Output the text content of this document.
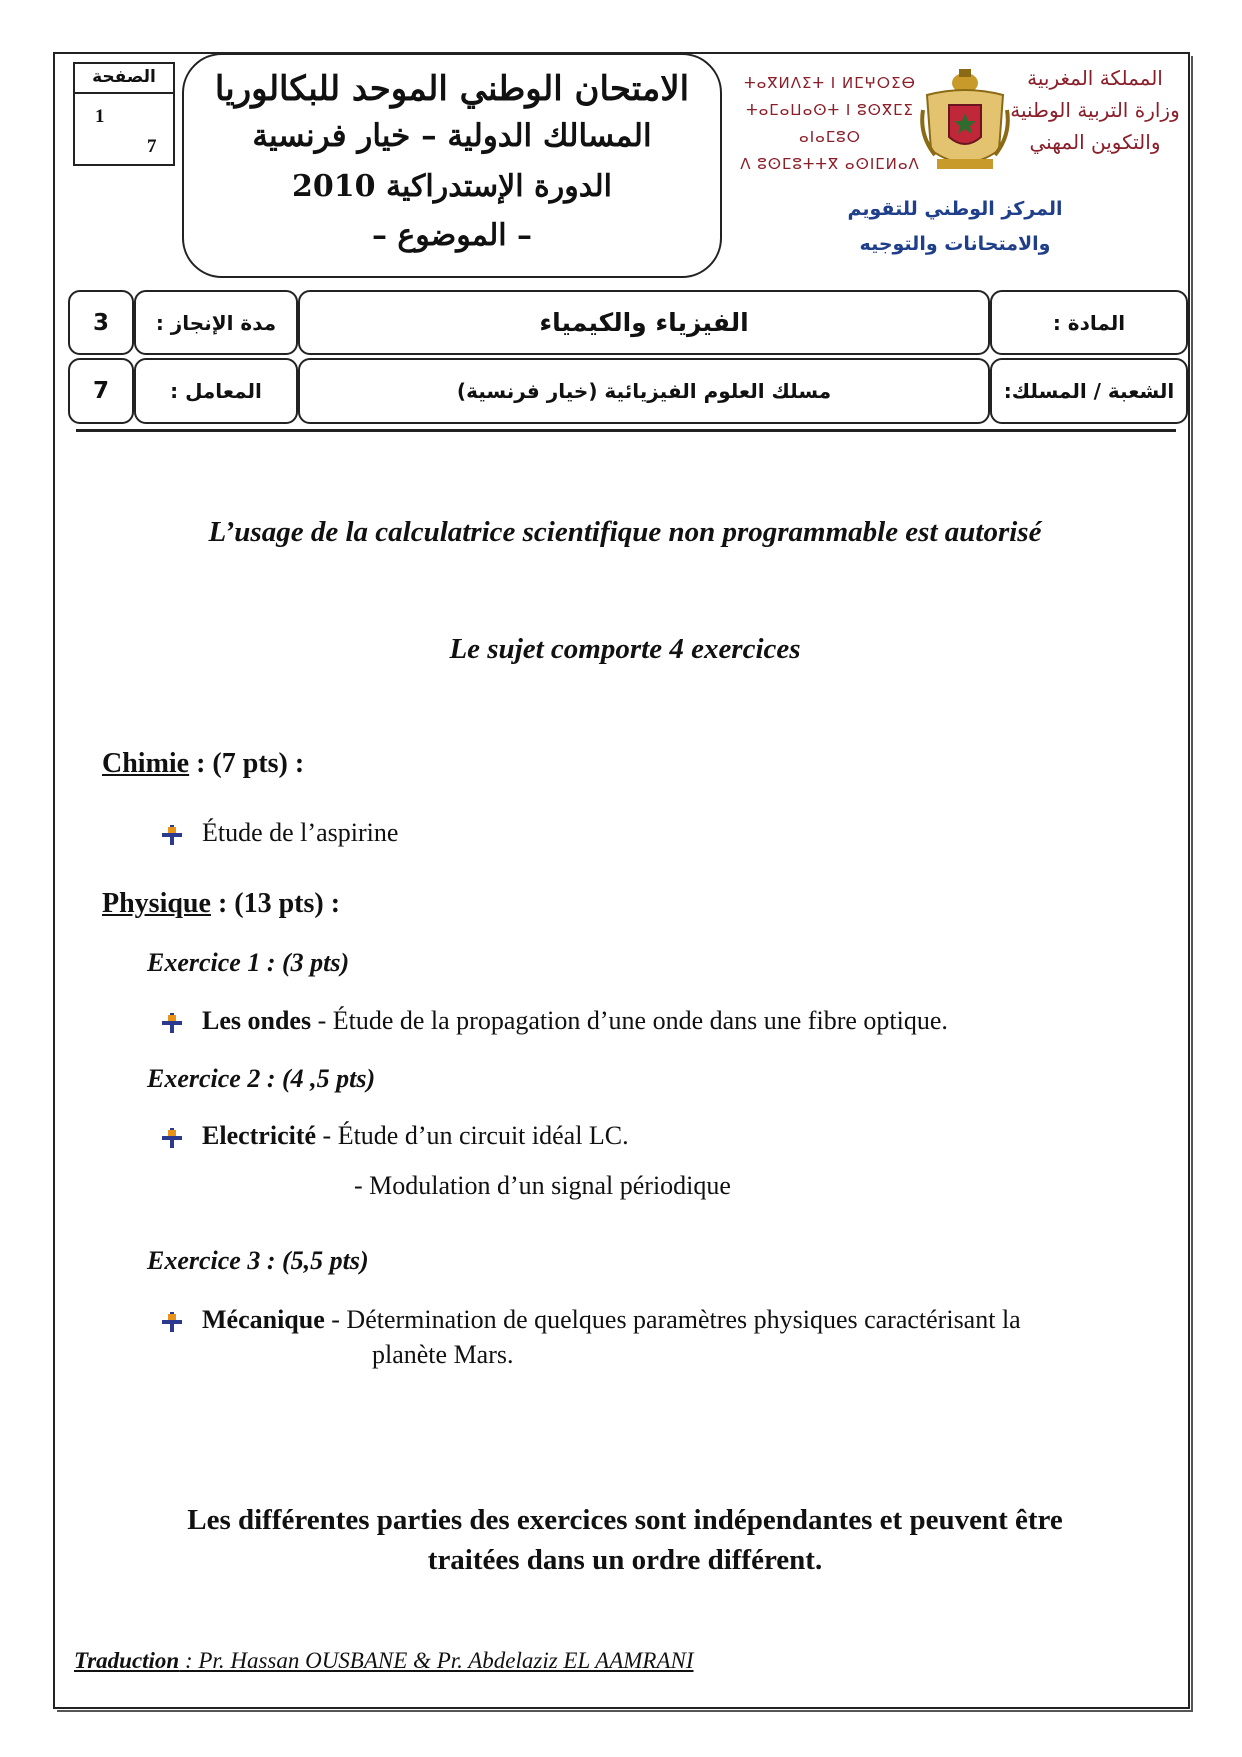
الصفحة
1
7
الامتحان الوطني الموحد للبكالوريا
المسالك الدولية – خيار فرنسية
الدورة الإستدراكية 2010
– الموضوع –
ⵜⴰⴳⵍⴷⵉⵜ ⵏ ⵍⵎⵖⵔⵉⴱ
ⵜⴰⵎⴰⵡⴰⵙⵜ ⵏ ⵓⵙⴳⵎⵉ ⴰⵏⴰⵎⵓⵔ
ⴷ ⵓⵙⵎⵓⵜⵜⴳ ⴰⵙⵏⵎⵍⴰⴷ
المملكة المغربية
وزارة التربية الوطنية
والتكوين المهني
المركز الوطني للتقويم
والامتحانات والتوجيه
3	مدة الإنجاز :	الفيزياء والكيمياء	المادة :
7	المعامل :	مسلك العلوم الفيزيائية (خيار فرنسية)	الشعبة / المسلك:
L’usage de la calculatrice scientifique non programmable est autorisé
Le sujet comporte 4 exercices
Chimie : (7 pts) :
Étude de l’aspirine
Physique : (13 pts) :
Exercice 1 : (3 pts)
Les ondes - Étude de la propagation d’une onde dans une fibre optique.
Exercice 2 : (4 ,5 pts)
Electricité - Étude d’un circuit idéal LC.
- Modulation d’un signal périodique
Exercice 3 : (5,5 pts)
Mécanique - Détermination de quelques paramètres physiques caractérisant la
planète Mars.
Les différentes parties des exercices sont indépendantes et peuvent être
traitées dans un ordre différent.
Traduction : Pr. Hassan OUSBANE & Pr. Abdelaziz EL AAMRANI
